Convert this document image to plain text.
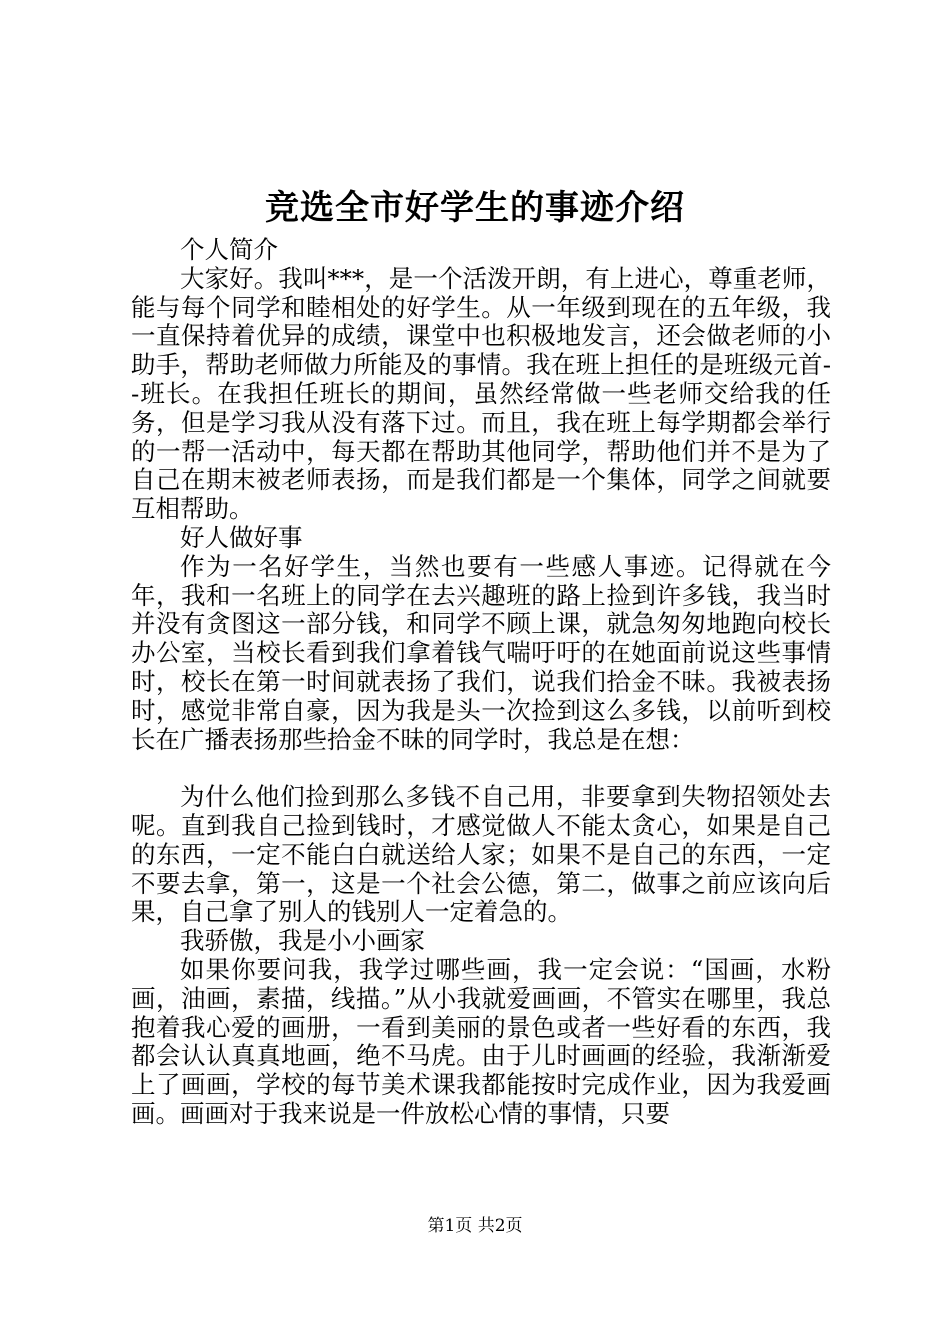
竞选全市好学生的事迹介绍

个人简介

大家好。我叫***，是一个活泼开朗，有上进心，尊重老师，能与每个同学和睦相处的好学生。从一年级到现在的五年级，我一直保持着优异的成绩，课堂中也积极地发言，还会做老师的小助手，帮助老师做力所能及的事情。我在班上担任的是班级元首--班长。在我担任班长的期间，虽然经常做一些老师交给我的任务，但是学习我从没有落下过。而且，我在班上每学期都会举行的一帮一活动中，每天都在帮助其他同学，帮助他们并不是为了自己在期末被老师表扬，而是我们都是一个集体，同学之间就要互相帮助。

好人做好事

作为一名好学生，当然也要有一些感人事迹。记得就在今年，我和一名班上的同学在去兴趣班的路上捡到许多钱，我当时并没有贪图这一部分钱，和同学不顾上课，就急匆匆地跑向校长办公室，当校长看到我们拿着钱气喘吁吁的在她面前说这些事情时，校长在第一时间就表扬了我们，说我们拾金不昧。我被表扬时，感觉非常自豪，因为我是头一次捡到这么多钱，以前听到校长在广播表扬那些拾金不昧的同学时，我总是在想：

为什么他们捡到那么多钱不自己用，非要拿到失物招领处去呢。直到我自己捡到钱时，才感觉做人不能太贪心，如果是自己的东西，一定不能白白就送给人家；如果不是自己的东西，一定不要去拿，第一，这是一个社会公德，第二，做事之前应该向后果，自己拿了别人的钱别人一定着急的。

我骄傲，我是小小画家

如果你要问我，我学过哪些画，我一定会说：“国画，水粉画，油画，素描，线描。”从小我就爱画画，不管实在哪里，我总抱着我心爱的画册，一看到美丽的景色或者一些好看的东西，我都会认认真真地画，绝不马虎。由于儿时画画的经验，我渐渐爱上了画画，学校的每节美术课我都能按时完成作业，因为我爱画画。画画对于我来说是一件放松心情的事情，只要

第1页 共2页
